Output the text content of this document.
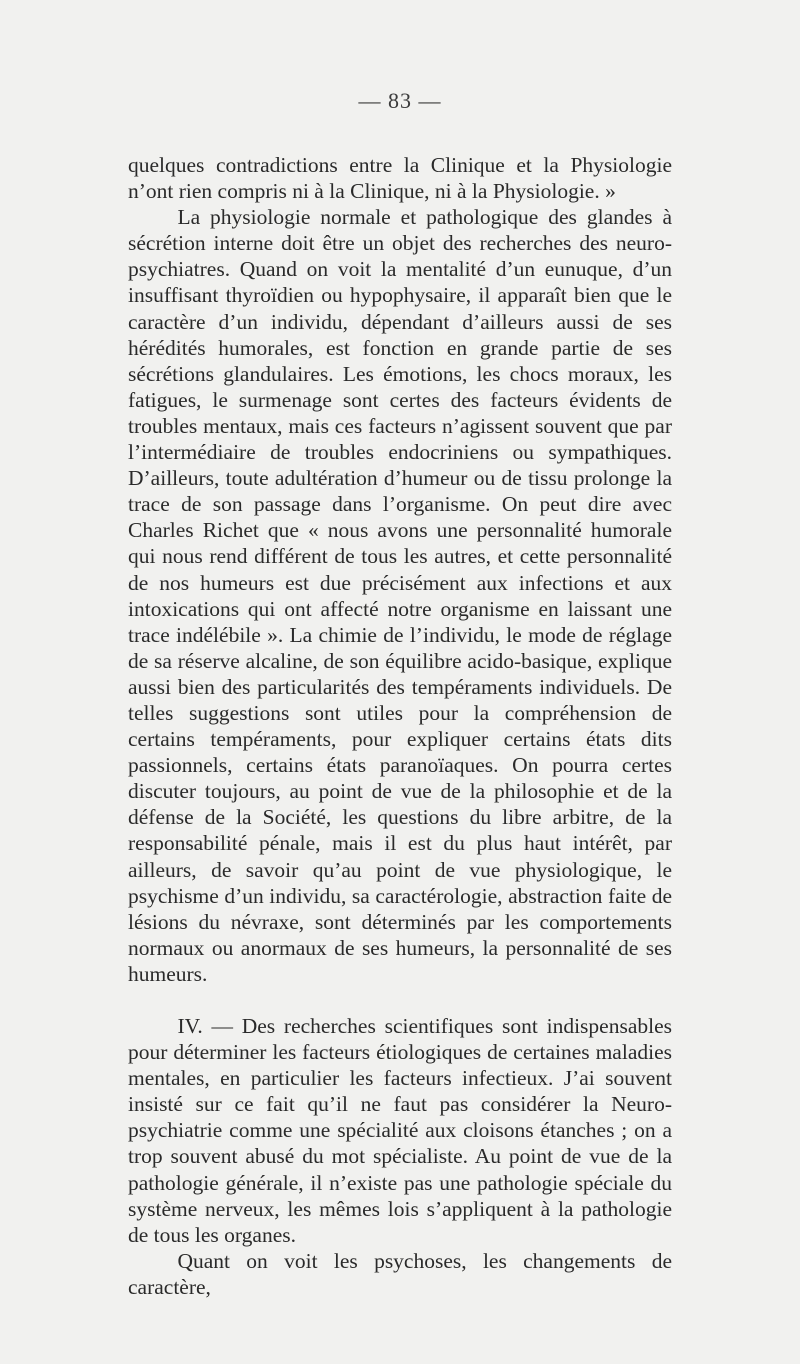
— 83 —

quelques contradictions entre la Clinique et la Physiologie n’ont rien compris ni à la Clinique, ni à la Physiologie. »

La physiologie normale et pathologique des glandes à sécrétion interne doit être un objet des recherches des neuro-psychiatres. Quand on voit la mentalité d’un eunuque, d’un insuffisant thyroïdien ou hypophysaire, il apparaît bien que le caractère d’un individu, dépendant d’ailleurs aussi de ses hérédités humorales, est fonction en grande partie de ses sécrétions glandulaires. Les émotions, les chocs moraux, les fatigues, le surmenage sont certes des facteurs évidents de troubles mentaux, mais ces facteurs n’agissent souvent que par l’intermédiaire de troubles endocriniens ou sympathiques. D’ailleurs, toute adultération d’humeur ou de tissu prolonge la trace de son passage dans l’organisme. On peut dire avec Charles Richet que « nous avons une personnalité humorale qui nous rend différent de tous les autres, et cette personnalité de nos humeurs est due précisément aux infections et aux intoxications qui ont affecté notre organisme en laissant une trace indélébile ». La chimie de l’individu, le mode de réglage de sa réserve alcaline, de son équilibre acido-basique, explique aussi bien des particularités des tempéraments individuels. De telles suggestions sont utiles pour la compréhension de certains tempéraments, pour expliquer certains états dits passionnels, certains états paranoïaques. On pourra certes discuter toujours, au point de vue de la philosophie et de la défense de la Société, les questions du libre arbitre, de la responsabilité pénale, mais il est du plus haut intérêt, par ailleurs, de savoir qu’au point de vue physiologique, le psychisme d’un individu, sa caractérologie, abstraction faite de lésions du névraxe, sont déterminés par les comportements normaux ou anormaux de ses humeurs, la personnalité de ses humeurs.

IV. — Des recherches scientifiques sont indispensables pour déterminer les facteurs étiologiques de certaines maladies mentales, en particulier les facteurs infectieux. J’ai souvent insisté sur ce fait qu’il ne faut pas considérer la Neuro-psychiatrie comme une spécialité aux cloisons étanches ; on a trop souvent abusé du mot spécialiste. Au point de vue de la pathologie générale, il n’existe pas une pathologie spéciale du système nerveux, les mêmes lois s’appliquent à la pathologie de tous les organes.

Quant on voit les psychoses, les changements de caractère,
